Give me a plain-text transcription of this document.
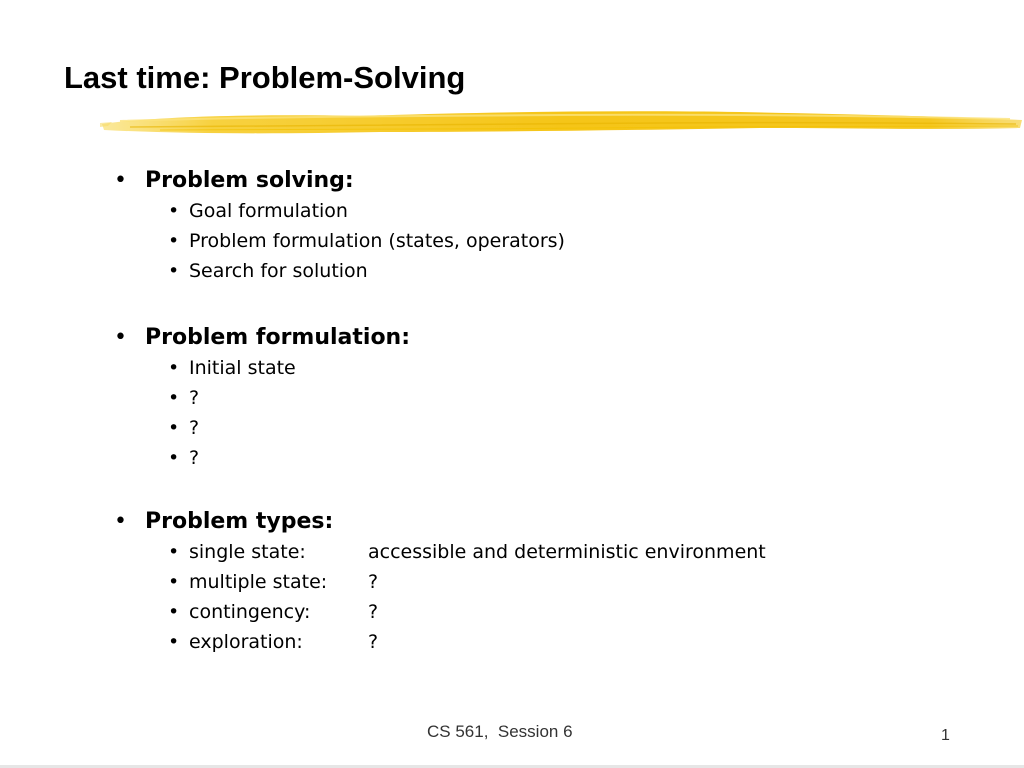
Last time: Problem-Solving
• Problem solving:
• Goal formulation
• Problem formulation (states, operators)
• Search for solution
• Problem formulation:
• Initial state
• ?
• ?
• ?
• Problem types:
• single state:	accessible and deterministic environment
• multiple state: ?
• contingency:	?
• exploration:	?
CS 561,  Session 6	1
